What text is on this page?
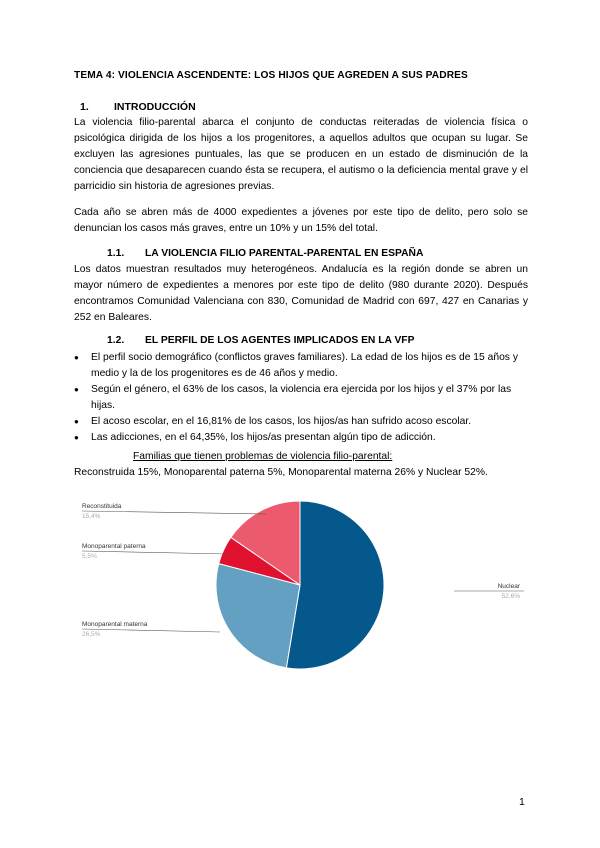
TEMA 4: VIOLENCIA ASCENDENTE: LOS HIJOS QUE AGREDEN A SUS PADRES
1. INTRODUCCIÓN
La violencia filio-parental abarca el conjunto de conductas reiteradas de violencia física o psicológica dirigida de los hijos a los progenitores, a aquellos adultos que ocupan su lugar. Se excluyen las agresiones puntuales, las que se producen en un estado de disminución de la conciencia que desaparecen cuando ésta se recupera, el autismo o la deficiencia mental grave y el parricidio sin historia de agresiones previas.
Cada año se abren más de 4000 expedientes a jóvenes por este tipo de delito, pero solo se denuncian los casos más graves, entre un 10% y un 15% del total.
1.1. LA VIOLENCIA FILIO PARENTAL-PARENTAL EN ESPAÑA
Los datos muestran resultados muy heterogéneos. Andalucía es la región donde se abren un mayor número de expedientes a menores por este tipo de delito (980 durante 2020). Después encontramos Comunidad Valenciana con 830, Comunidad de Madrid con 697, 427 en Canarias y 252 en Baleares.
1.2. EL PERFIL DE LOS AGENTES IMPLICADOS EN LA VFP
● El perfil socio demográfico (conflictos graves familiares). La edad de los hijos es de 15 años y medio y la de los progenitores es de 46 años y medio.
● Según el género, el 63% de los casos, la violencia era ejercida por los hijos y el 37% por las hijas.
● El acoso escolar, en el 16,81% de los casos, los hijos/as han sufrido acoso escolar.
● Las adicciones, en el 64,35%, los hijos/as presentan algún tipo de adicción.
Familias que tienen problemas de violencia filio-parental:
Reconstruida 15%, Monoparental paterna 5%, Monoparental materna 26% y Nuclear 52%.
Nuclear
52,6%
Monoparental materna
26,5%
Monoparental paterna
5,5%
Reconstituida
15,4%
1
